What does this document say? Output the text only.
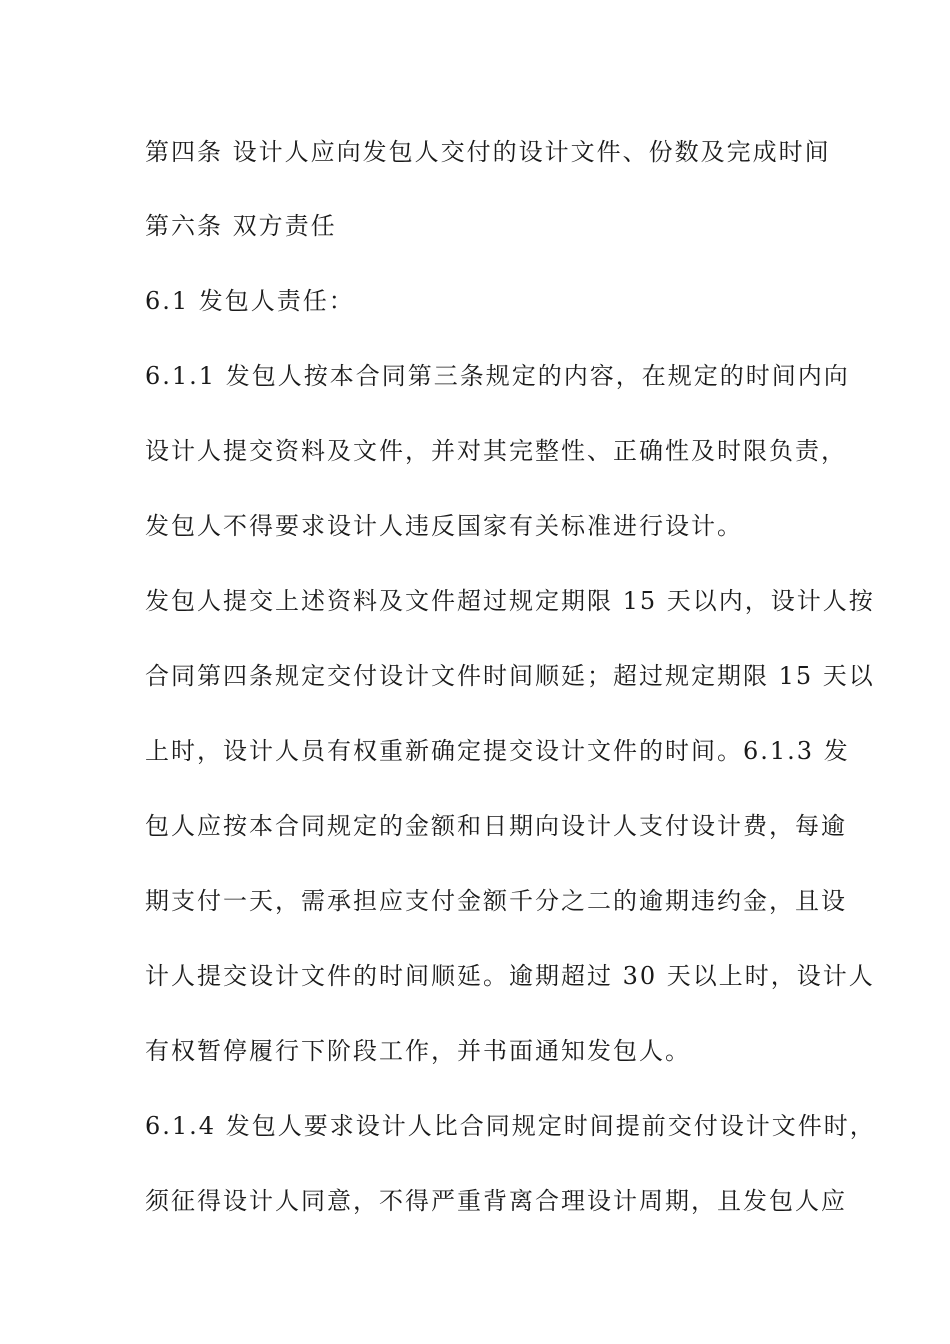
第四条 设计人应向发包人交付的设计文件、份数及完成时间
第六条 双方责任
6.1 发包人责任：
6.1.1 发包人按本合同第三条规定的内容，在规定的时间内向
设计人提交资料及文件，并对其完整性、正确性及时限负责，
发包人不得要求设计人违反国家有关标准进行设计。
发包人提交上述资料及文件超过规定期限 15 天以内，设计人按
合同第四条规定交付设计文件时间顺延；超过规定期限 15 天以
上时，设计人员有权重新确定提交设计文件的时间。6.1.3 发
包人应按本合同规定的金额和日期向设计人支付设计费，每逾
期支付一天，需承担应支付金额千分之二的逾期违约金，且设
计人提交设计文件的时间顺延。逾期超过 30 天以上时，设计人
有权暂停履行下阶段工作，并书面通知发包人。
6.1.4 发包人要求设计人比合同规定时间提前交付设计文件时，
须征得设计人同意，不得严重背离合理设计周期，且发包人应
